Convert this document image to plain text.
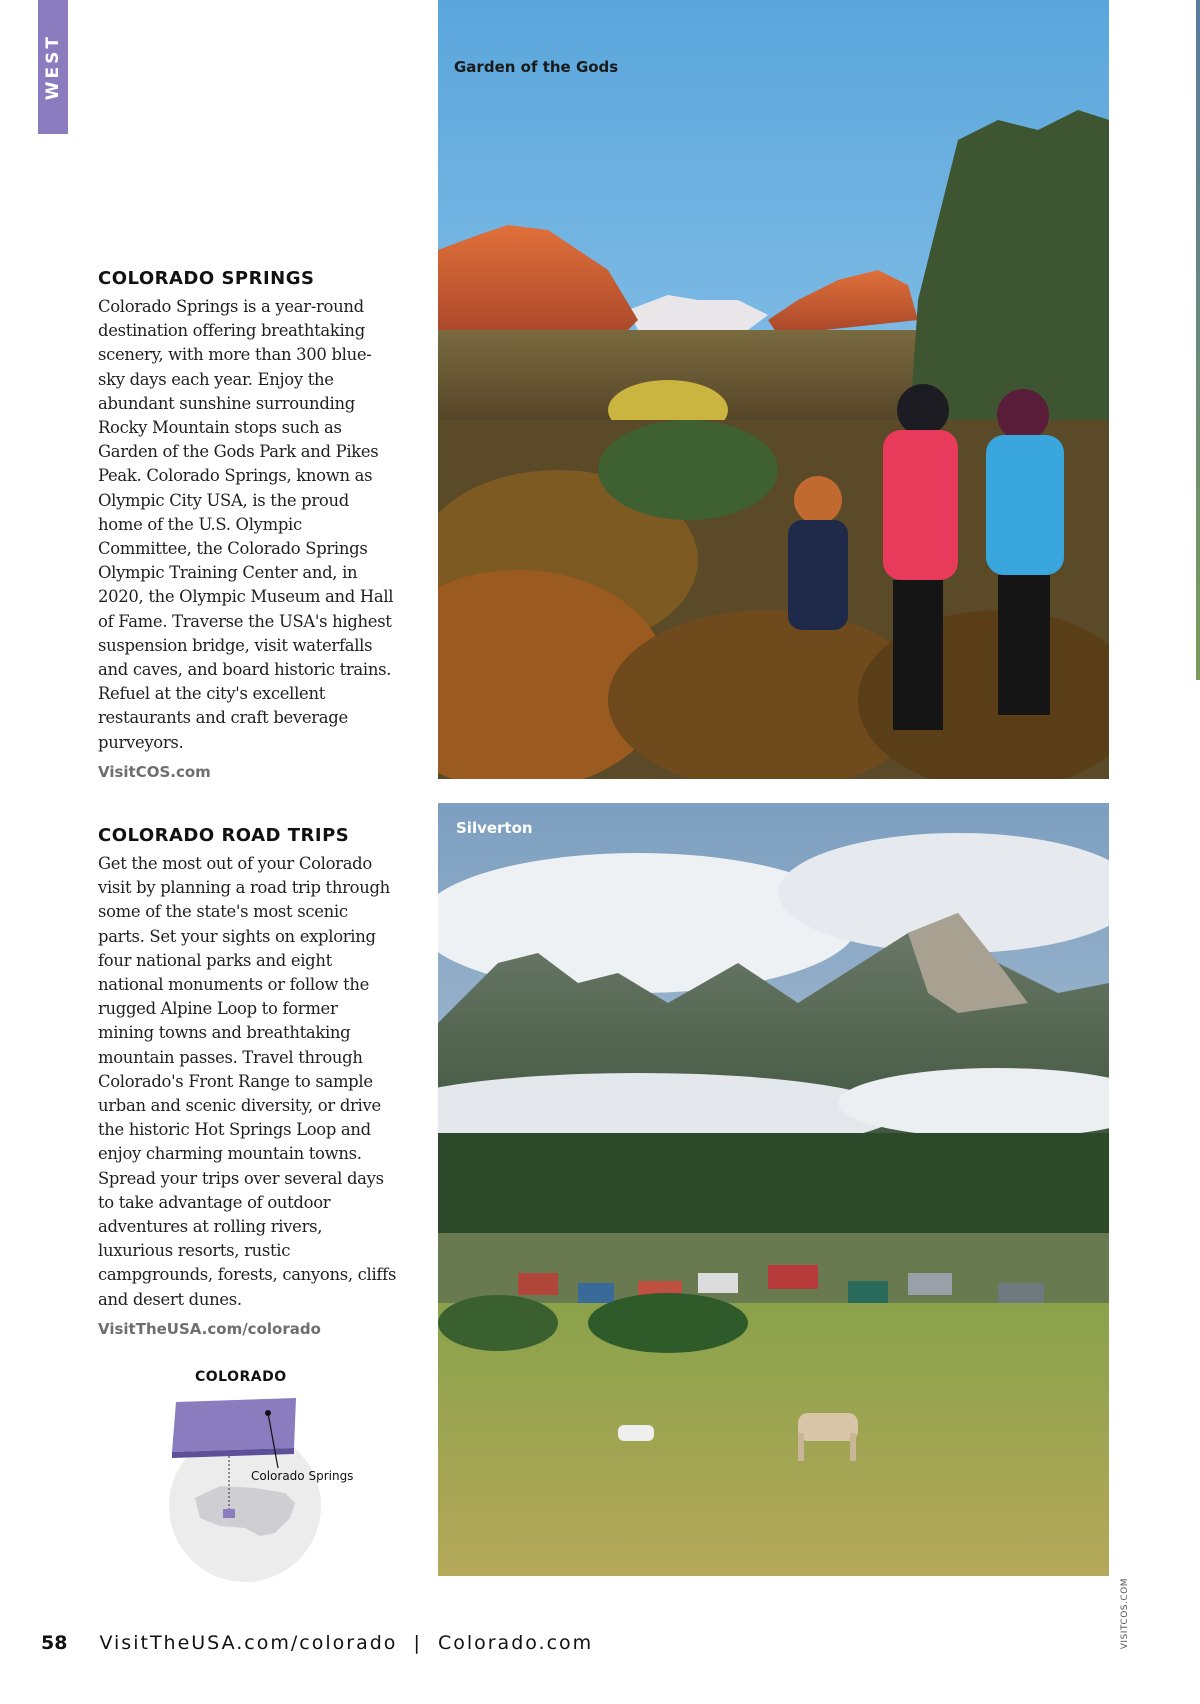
WEST
COLORADO SPRINGS

Colorado Springs is a year-round destination offering breathtaking scenery, with more than 300 blue-sky days each year. Enjoy the abundant sunshine surrounding Rocky Mountain stops such as Garden of the Gods Park and Pikes Peak. Colorado Springs, known as Olympic City USA, is the proud home of the U.S. Olympic Committee, the Colorado Springs Olympic Training Center and, in 2020, the Olympic Museum and Hall of Fame. Traverse the USA's highest suspension bridge, visit waterfalls and caves, and board historic trains. Refuel at the city's excellent restaurants and craft beverage purveyors.

VisitCOS.com
COLORADO ROAD TRIPS

Get the most out of your Colorado visit by planning a road trip through some of the state's most scenic parts. Set your sights on exploring four national parks and eight national monuments or follow the rugged Alpine Loop to former mining towns and breathtaking mountain passes. Travel through Colorado's Front Range to sample urban and scenic diversity, or drive the historic Hot Springs Loop and enjoy charming mountain towns. Spread your trips over several days to take advantage of outdoor adventures at rolling rivers, luxurious resorts, rustic campgrounds, forests, canyons, cliffs and desert dunes.

VisitTheUSA.com/colorado
Garden of the Gods
Silverton
VISITCOS.COM
COLORADO
Colorado Springs
58 VisitTheUSA.com/colorado  |  Colorado.com
